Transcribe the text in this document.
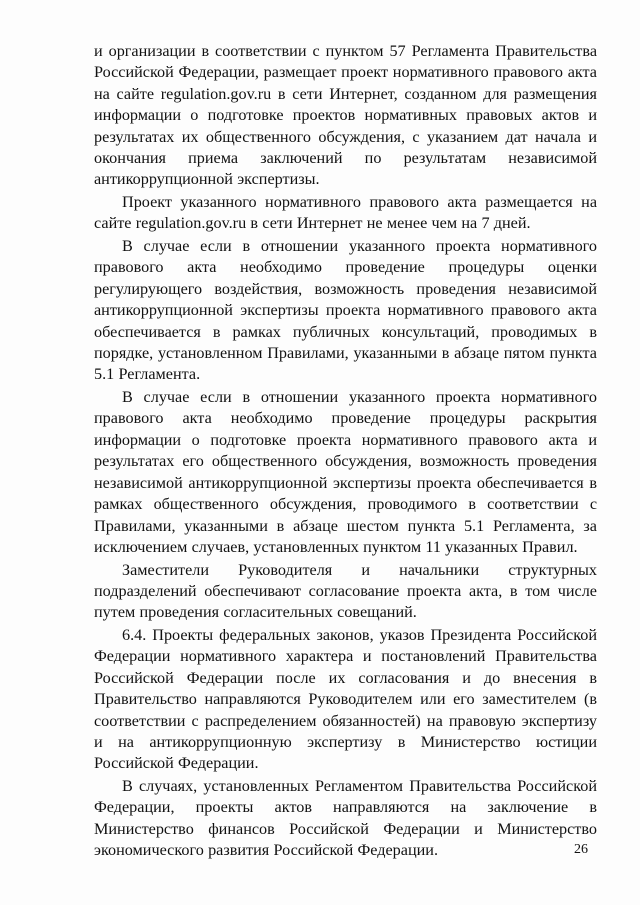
и организации в соответствии с пунктом 57 Регламента Правительства Российской Федерации, размещает проект нормативного правового акта на сайте regulation.gov.ru в сети Интернет, созданном для размещения информации о подготовке проектов нормативных правовых актов и результатах их общественного обсуждения, с указанием дат начала и окончания приема заключений по результатам независимой антикоррупционной экспертизы.

Проект указанного нормативного правового акта размещается на сайте regulation.gov.ru в сети Интернет не менее чем на 7 дней.

В случае если в отношении указанного проекта нормативного правового акта необходимо проведение процедуры оценки регулирующего воздействия, возможность проведения независимой антикоррупционной экспертизы проекта нормативного правового акта обеспечивается в рамках публичных консультаций, проводимых в порядке, установленном Правилами, указанными в абзаце пятом пункта 5.1 Регламента.

В случае если в отношении указанного проекта нормативного правового акта необходимо проведение процедуры раскрытия информации о подготовке проекта нормативного правового акта и результатах его общественного обсуждения, возможность проведения независимой антикоррупционной экспертизы проекта обеспечивается в рамках общественного обсуждения, проводимого в соответствии с Правилами, указанными в абзаце шестом пункта 5.1 Регламента, за исключением случаев, установленных пунктом 11 указанных Правил.

Заместители Руководителя и начальники структурных подразделений обеспечивают согласование проекта акта, в том числе путем проведения согласительных совещаний.

6.4. Проекты федеральных законов, указов Президента Российской Федерации нормативного характера и постановлений Правительства Российской Федерации после их согласования и до внесения в Правительство направляются Руководителем или его заместителем (в соответствии с распределением обязанностей) на правовую экспертизу и на антикоррупционную экспертизу в Министерство юстиции Российской Федерации.

В случаях, установленных Регламентом Правительства Российской Федерации, проекты актов направляются на заключение в Министерство финансов Российской Федерации и Министерство экономического развития Российской Федерации.	26
